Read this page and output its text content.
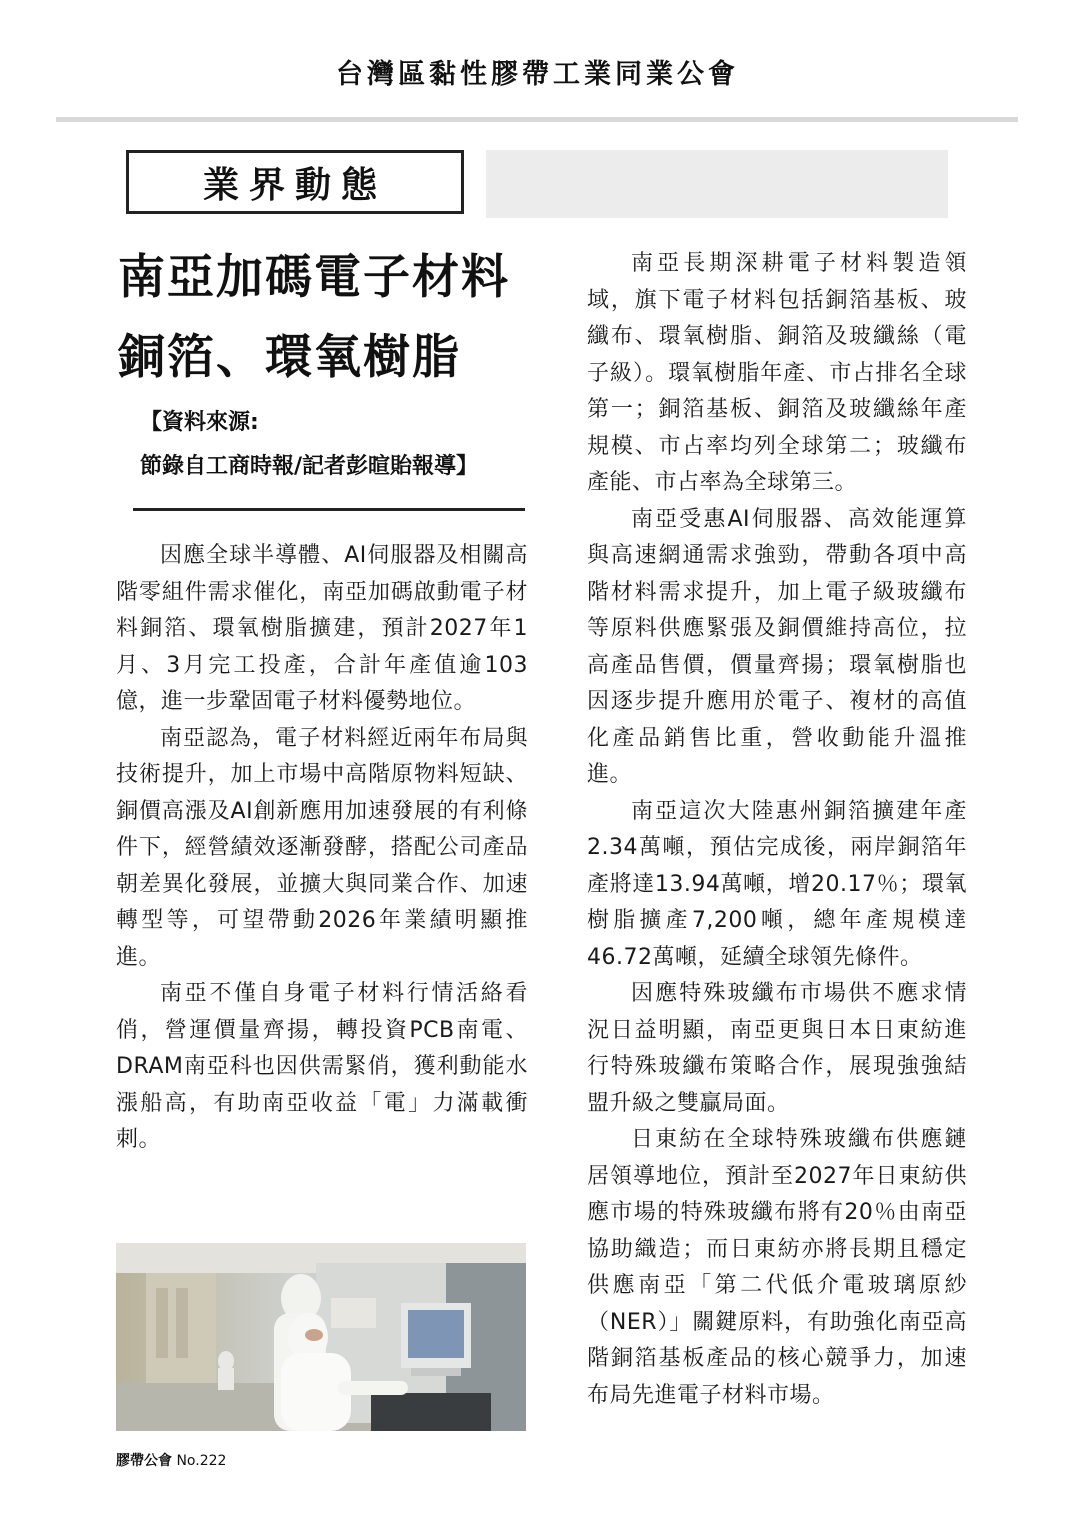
台灣區黏性膠帶工業同業公會
業界動態
南亞加碼電子材料
銅箔、環氧樹脂
【資料來源:
節錄自工商時報/記者彭暄貽報導】

因應全球半導體、AI伺服器及相關高階零組件需求催化，南亞加碼啟動電子材料銅箔、環氧樹脂擴建，預計2027年1月、3月完工投產，合計年產值逾103億，進一步鞏固電子材料優勢地位。

南亞認為，電子材料經近兩年布局與技術提升，加上市場中高階原物料短缺、銅價高漲及AI創新應用加速發展的有利條件下，經營績效逐漸發酵，搭配公司產品朝差異化發展，並擴大與同業合作、加速轉型等，可望帶動2026年業績明顯推進。

南亞不僅自身電子材料行情活絡看俏，營運價量齊揚，轉投資PCB南電、DRAM南亞科也因供需緊俏，獲利動能水漲船高，有助南亞收益「電」力滿載衝刺。

南亞長期深耕電子材料製造領域，旗下電子材料包括銅箔基板、玻纖布、環氧樹脂、銅箔及玻纖絲（電子級）。環氧樹脂年產、市占排名全球第一；銅箔基板、銅箔及玻纖絲年產規模、市占率均列全球第二；玻纖布產能、市占率為全球第三。

南亞受惠AI伺服器、高效能運算與高速網通需求強勁，帶動各項中高階材料需求提升，加上電子級玻纖布等原料供應緊張及銅價維持高位，拉高產品售價，價量齊揚；環氧樹脂也因逐步提升應用於電子、複材的高值化產品銷售比重，營收動能升溫推進。

南亞這次大陸惠州銅箔擴建年產2.34萬噸，預估完成後，兩岸銅箔年產將達13.94萬噸，增20.17％；環氧樹脂擴產7,200噸，總年產規模達46.72萬噸，延續全球領先條件。

因應特殊玻纖布市場供不應求情況日益明顯，南亞更與日本日東紡進行特殊玻纖布策略合作，展現強強結盟升級之雙贏局面。

日東紡在全球特殊玻纖布供應鏈居領導地位，預計至2027年日東紡供應市場的特殊玻纖布將有20％由南亞協助織造；而日東紡亦將長期且穩定供應南亞「第二代低介電玻璃原紗（NER）」關鍵原料，有助強化南亞高階銅箔基板產品的核心競爭力，加速布局先進電子材料市場。

膠帶公會 No.222
